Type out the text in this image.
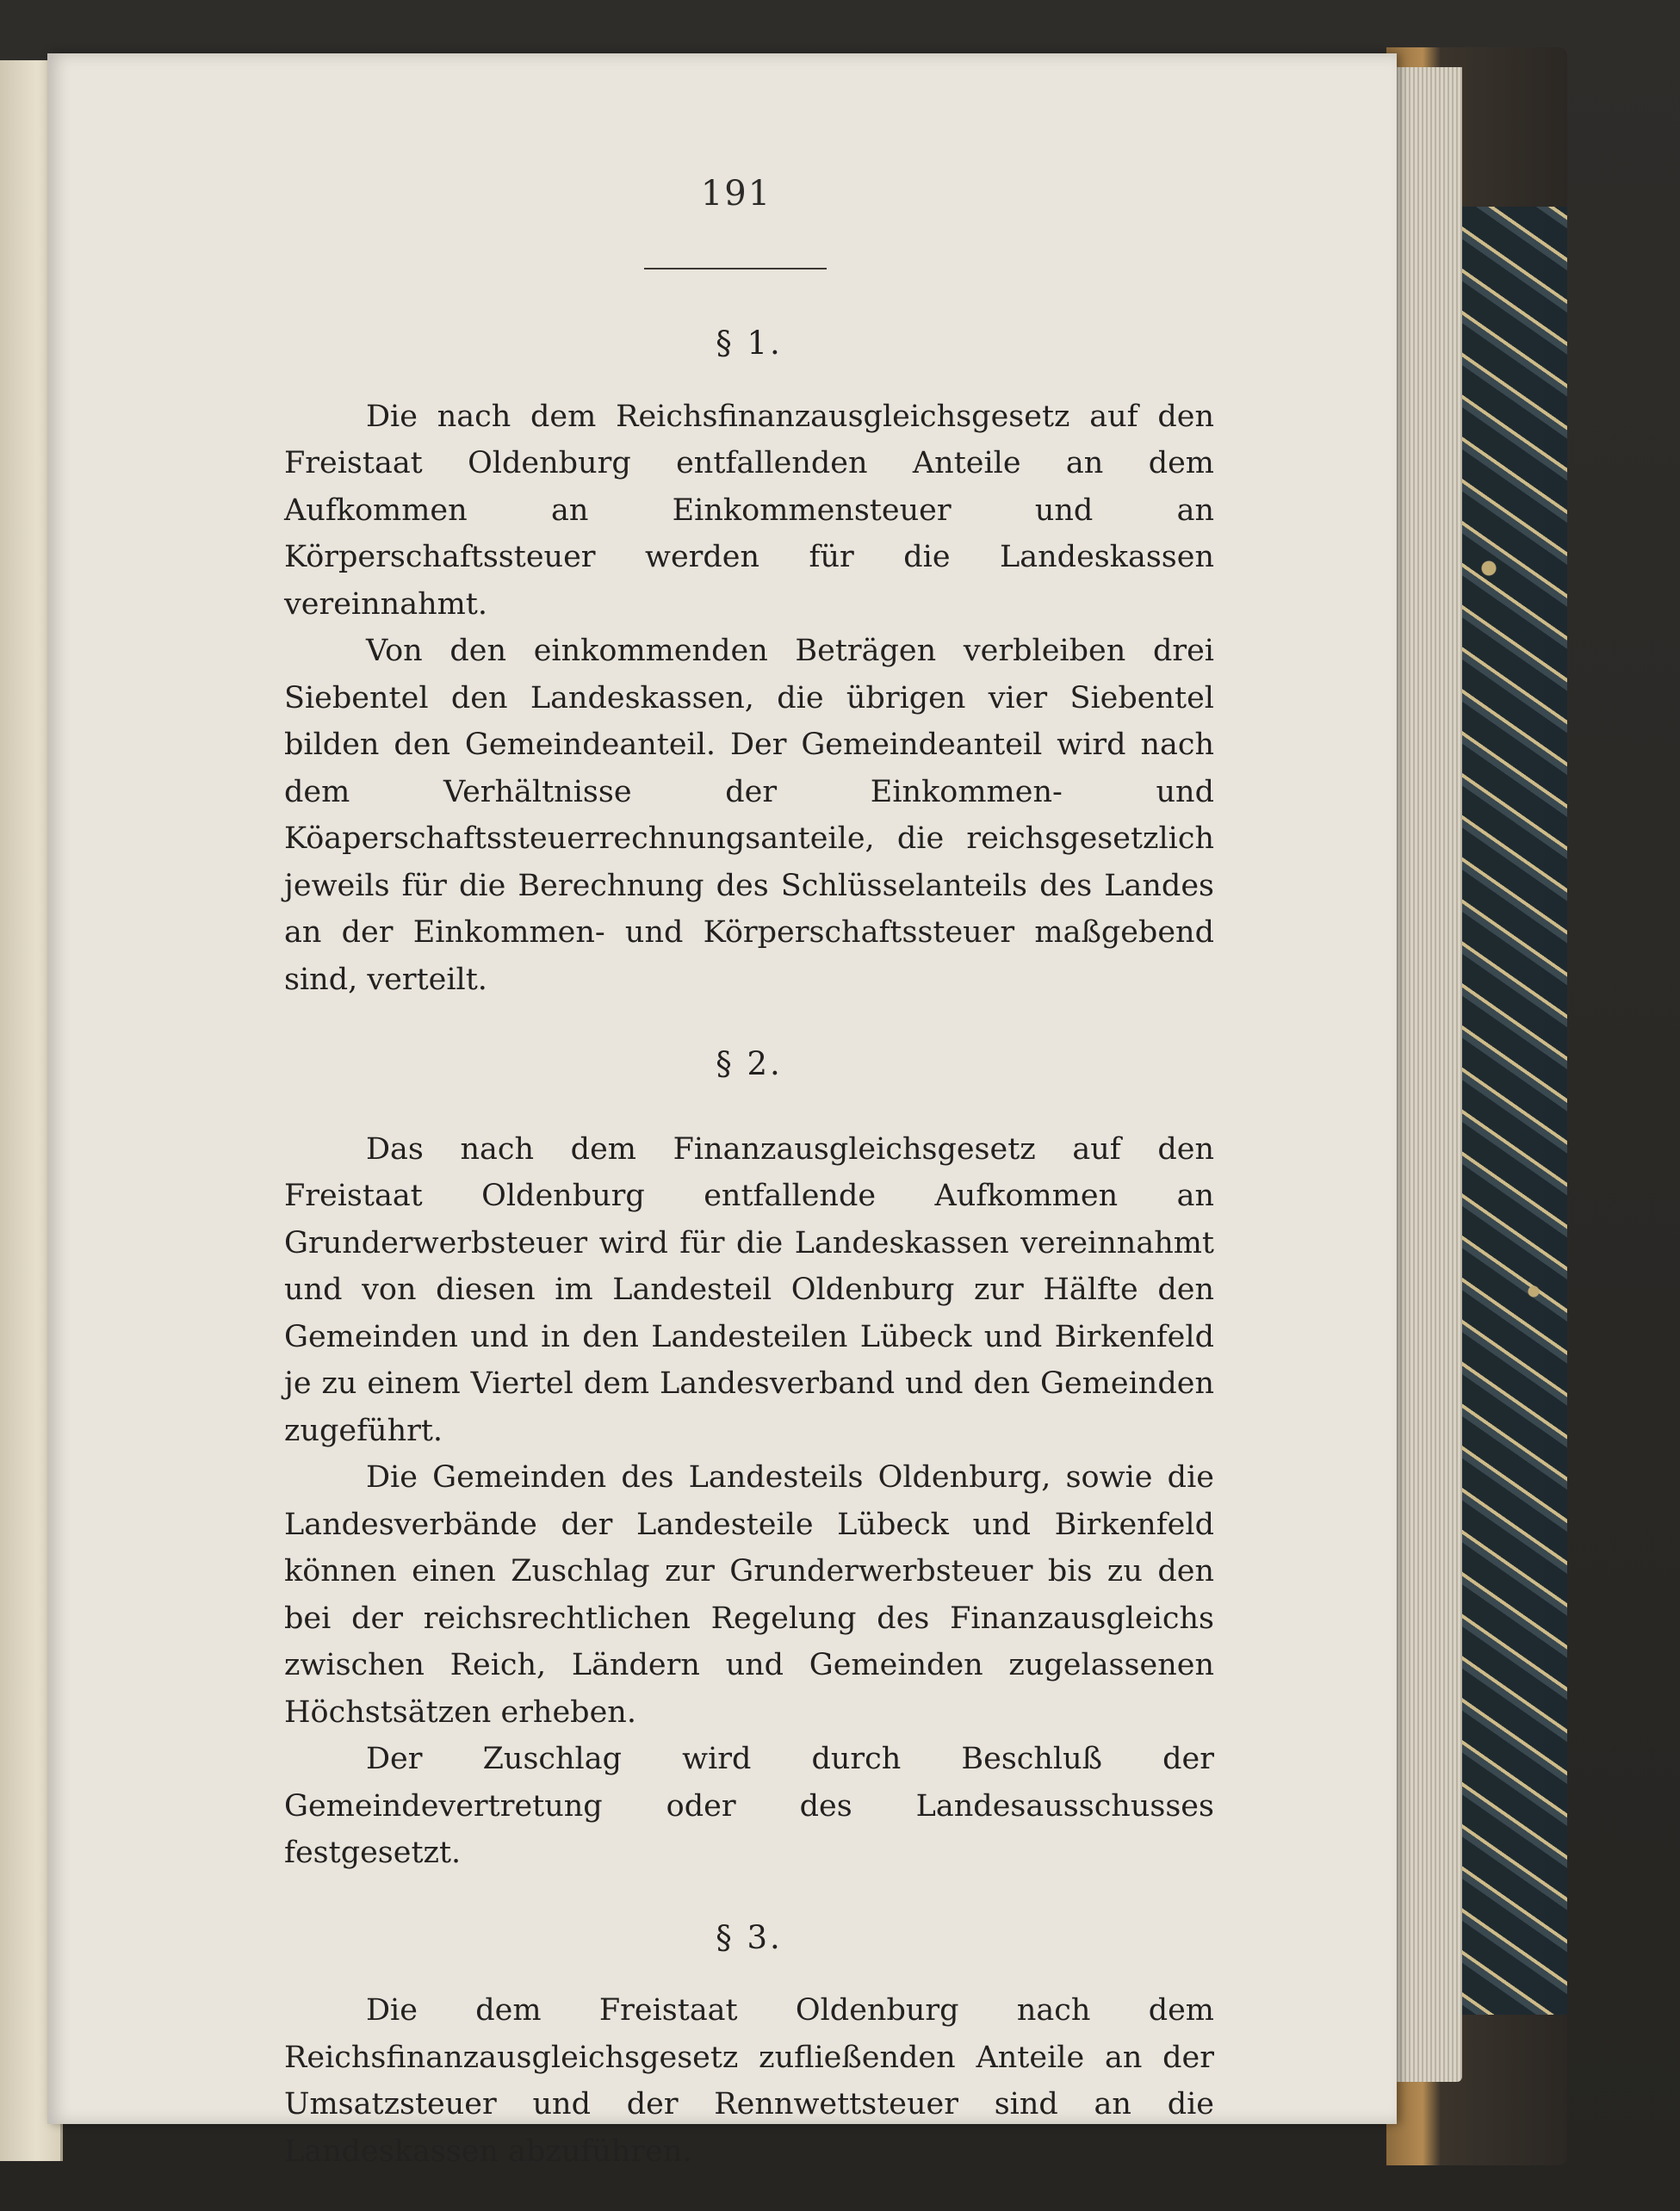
191

§ 1.

Die nach dem Reichsfinanzausgleichsgesetz auf den Freistaat Oldenburg entfallenden Anteile an dem Aufkommen an Einkommensteuer und an Körperschaftssteuer werden für die Landeskassen vereinnahmt.

Von den einkommenden Beträgen verbleiben drei Siebentel den Landeskassen, die übrigen vier Siebentel bilden den Gemeindeanteil. Der Gemeindeanteil wird nach dem Verhältnisse der Einkommen- und Köaperschaftssteuerrechnungsanteile, die reichsgesetzlich jeweils für die Berechnung des Schlüsselanteils des Landes an der Einkommen- und Körperschaftssteuer maßgebend sind, verteilt.

§ 2.

Das nach dem Finanzausgleichsgesetz auf den Freistaat Oldenburg entfallende Aufkommen an Grunderwerbsteuer wird für die Landeskassen vereinnahmt und von diesen im Landesteil Oldenburg zur Hälfte den Gemeinden und in den Landesteilen Lübeck und Birkenfeld je zu einem Viertel dem Landesverband und den Gemeinden zugeführt.

Die Gemeinden des Landesteils Oldenburg, sowie die Landesverbände der Landesteile Lübeck und Birkenfeld können einen Zuschlag zur Grunderwerbsteuer bis zu den bei der reichsrechtlichen Regelung des Finanzausgleichs zwischen Reich, Ländern und Gemeinden zugelassenen Höchstsätzen erheben.

Der Zuschlag wird durch Beschluß der Gemeindevertretung oder des Landesausschusses festgesetzt.

§ 3.

Die dem Freistaat Oldenburg nach dem Reichsfinanzausgleichsgesetz zufließenden Anteile an der Umsatzsteuer und der Rennwettsteuer sind an die Landeskassen abzuführen.
